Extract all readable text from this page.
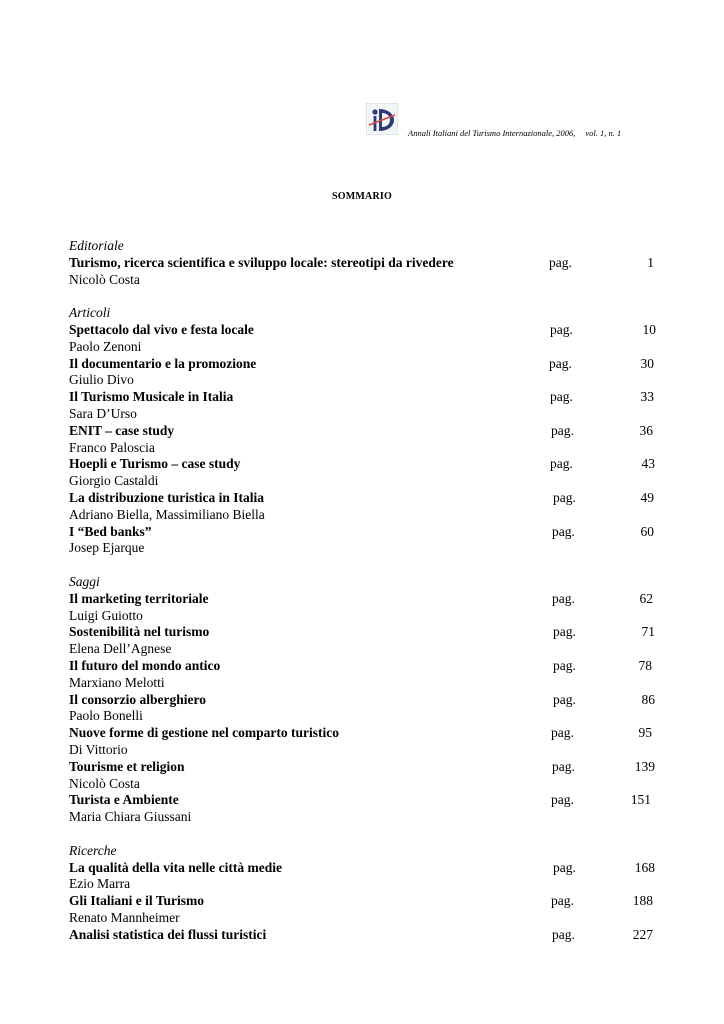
Annali Italiani del Turismo Internazionale, 2006, vol. 1, n. 1
SOMMARIO
Editoriale
Turismo, ricerca scientifica e sviluppo locale: stereotipi da rivedere	pag.	1
Nicolò Costa
Articoli
Spettacolo dal vivo e festa locale	pag.	10
Paolo Zenoni
Il documentario e la promozione	pag.	30
Giulio Divo
Il Turismo Musicale in Italia	pag.	33
Sara D’Urso
ENIT – case study	pag.	36
Franco Paloscia
Hoepli e Turismo – case study	pag.	43
Giorgio Castaldi
La distribuzione turistica in Italia	pag.	49
Adriano Biella, Massimiliano Biella
I “Bed banks”	pag.	60
Josep Ejarque
Saggi
Il marketing territoriale	pag.	62
Luigi Guiotto
Sostenibilità nel turismo	pag.	71
Elena Dell’Agnese
Il futuro del mondo antico	pag.	78
Marxiano Melotti
Il consorzio alberghiero	pag.	86
Paolo Bonelli
Nuove forme di gestione nel comparto turistico	pag.	95
Di Vittorio
Tourisme et religion	pag.	139
Nicolò Costa
Turista e Ambiente	pag.	151
Maria Chiara Giussani
Ricerche
La qualità della vita nelle città medie	pag.	168
Ezio Marra
Gli Italiani e il Turismo	pag.	188
Renato Mannheimer
Analisi statistica dei flussi turistici	pag.	227
